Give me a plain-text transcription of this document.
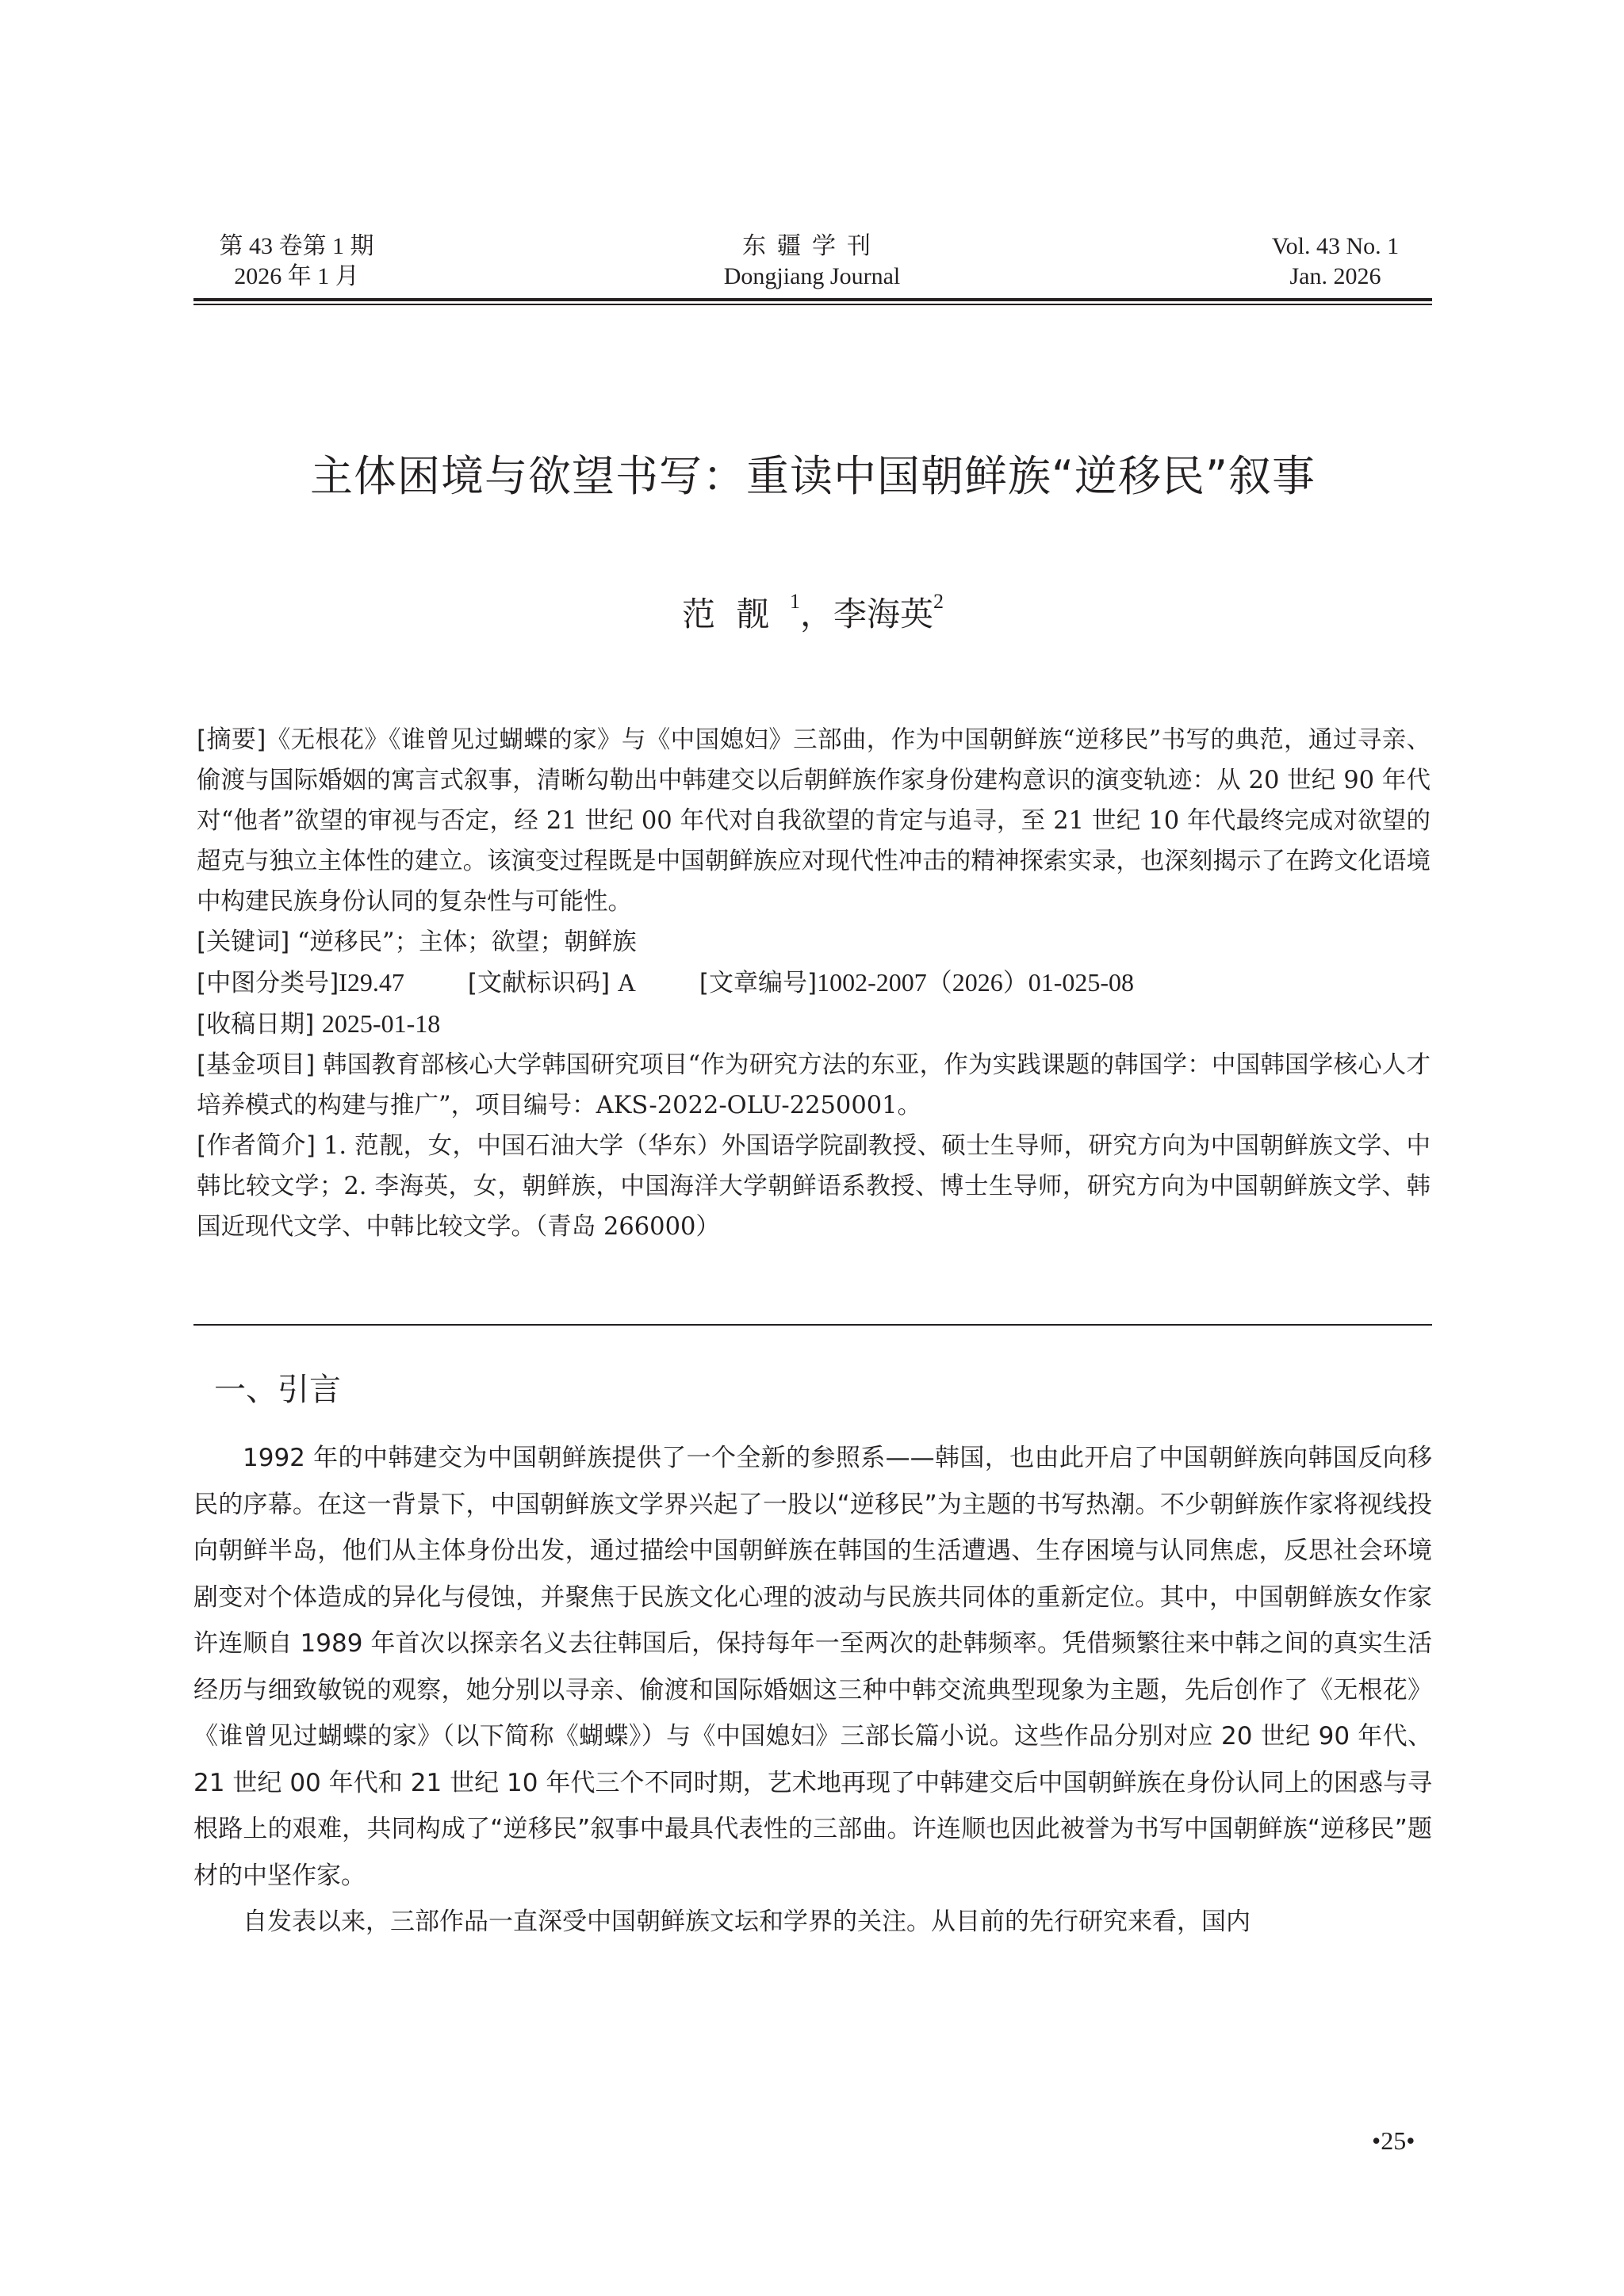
第 43 卷第 1 期
2026 年 1 月
东疆学刊
Dongjiang Journal
Vol. 43 No. 1
Jan. 2026
主体困境与欲望书写：重读中国朝鲜族“逆移民”叙事
范靓$^1$，李海英$^2$

[摘要]《无根花》《谁曾见过蝴蝶的家》与《中国媳妇》三部曲，作为中国朝鲜族“逆移民”书写的典范，通过寻亲、偷渡与国际婚姻的寓言式叙事，清晰勾勒出中韩建交以后朝鲜族作家身份建构意识的演变轨迹：从 20 世纪 90 年代对“他者”欲望的审视与否定，经 21 世纪 00 年代对自我欲望的肯定与追寻，至 21 世纪 10 年代最终完成对欲望的超克与独立主体性的建立。该演变过程既是中国朝鲜族应对现代性冲击的精神探索实录，也深刻揭示了在跨文化语境中构建民族身份认同的复杂性与可能性。

[关键词] “逆移民”；主体；欲望；朝鲜族

[中图分类号]I29.47	[文献标识码] A	[文章编号]1002-2007（2026）01-025-08

[收稿日期] 2025-01-18

[基金项目] 韩国教育部核心大学韩国研究项目“作为研究方法的东亚，作为实践课题的韩国学：中国韩国学核心人才培养模式的构建与推广”，项目编号：AKS-2022-OLU-2250001。

[作者简介] 1. 范靓，女，中国石油大学（华东）外国语学院副教授、硕士生导师，研究方向为中国朝鲜族文学、中韩比较文学；2. 李海英，女，朝鲜族，中国海洋大学朝鲜语系教授、博士生导师，研究方向为中国朝鲜族文学、韩国近现代文学、中韩比较文学。（青岛 266000）

一、引言

1992 年的中韩建交为中国朝鲜族提供了一个全新的参照系——韩国，也由此开启了中国朝鲜族向韩国反向移民的序幕。在这一背景下，中国朝鲜族文学界兴起了一股以“逆移民”为主题的书写热潮。不少朝鲜族作家将视线投向朝鲜半岛，他们从主体身份出发，通过描绘中国朝鲜族在韩国的生活遭遇、生存困境与认同焦虑，反思社会环境剧变对个体造成的异化与侵蚀，并聚焦于民族文化心理的波动与民族共同体的重新定位。其中，中国朝鲜族女作家许连顺自 1989 年首次以探亲名义去往韩国后，保持每年一至两次的赴韩频率。凭借频繁往来中韩之间的真实生活经历与细致敏锐的观察，她分别以寻亲、偷渡和国际婚姻这三种中韩交流典型现象为主题，先后创作了《无根花》《谁曾见过蝴蝶的家》（以下简称《蝴蝶》）与《中国媳妇》三部长篇小说。这些作品分别对应 20 世纪 90 年代、21 世纪 00 年代和 21 世纪 10 年代三个不同时期，艺术地再现了中韩建交后中国朝鲜族在身份认同上的困惑与寻根路上的艰难，共同构成了“逆移民”叙事中最具代表性的三部曲。许连顺也因此被誉为书写中国朝鲜族“逆移民”题材的中坚作家。

自发表以来，三部作品一直深受中国朝鲜族文坛和学界的关注。从目前的先行研究来看，国内

•25•
